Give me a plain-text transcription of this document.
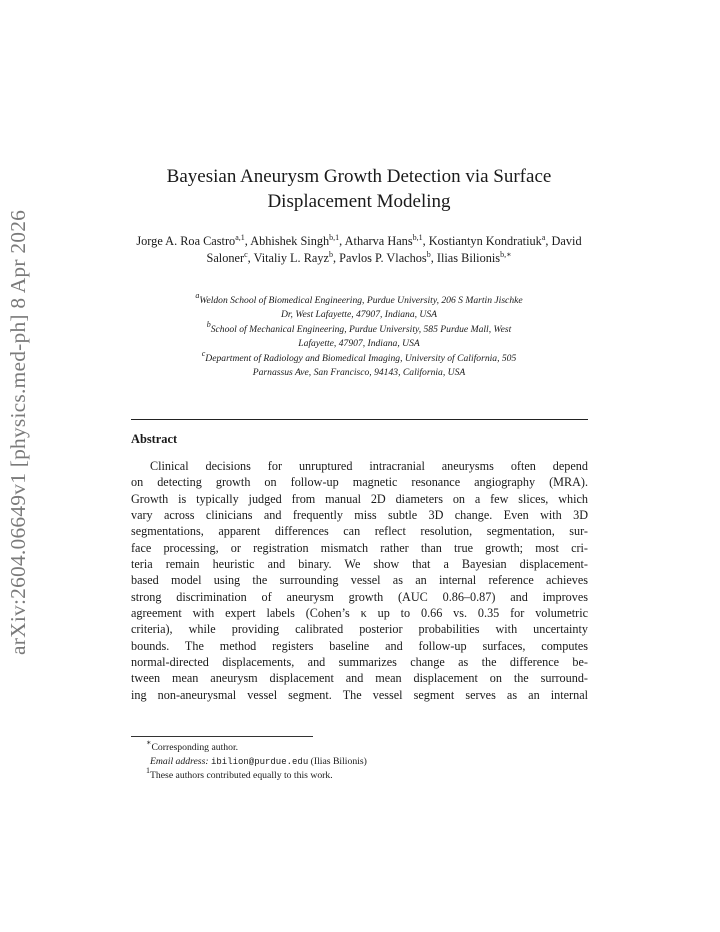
arXiv:2604.06649v1 [physics.med-ph] 8 Apr 2026
Bayesian Aneurysm Growth Detection via Surface
Displacement Modeling
Jorge A. Roa Castro$^{a,1}$, Abhishek Singh$^{b,1}$, Atharva Hans$^{b,1}$, Kostiantyn Kondratiuk$^a$, David Saloner$^c$, Vitaliy L. Rayz$^b$, Pavlos P. Vlachos$^b$, Ilias Bilionis$^{b,∗}$
$^a$Weldon School of Biomedical Engineering, Purdue University, 206 S Martin Jischke
Dr, West Lafayette, 47907, Indiana, USA
$^b$School of Mechanical Engineering, Purdue University, 585 Purdue Mall, West
Lafayette, 47907, Indiana, USA
$^c$Department of Radiology and Biomedical Imaging, University of California, 505
Parnassus Ave, San Francisco, 94143, California, USA
Abstract
Clinical decisions for unruptured intracranial aneurysms often depend
on detecting growth on follow-up magnetic resonance angiography (MRA).
Growth is typically judged from manual 2D diameters on a few slices, which
vary across clinicians and frequently miss subtle 3D change. Even with 3D
segmentations, apparent differences can reflect resolution, segmentation, sur-
face processing, or registration mismatch rather than true growth; most cri-
teria remain heuristic and binary. We show that a Bayesian displacement-
based model using the surrounding vessel as an internal reference achieves
strong discrimination of aneurysm growth (AUC 0.86–0.87) and improves
agreement with expert labels (Cohen’s κ up to 0.66 vs. 0.35 for volumetric
criteria), while providing calibrated posterior probabilities with uncertainty
bounds. The method registers baseline and follow-up surfaces, computes
normal-directed displacements, and summarizes change as the difference be-
tween mean aneurysm displacement and mean displacement on the surround-
ing non-aneurysmal vessel segment. The vessel segment serves as an internal
∗Corresponding author.
Email address: ibilion@purdue.edu (Ilias Bilionis)
$^1$These authors contributed equally to this work.
